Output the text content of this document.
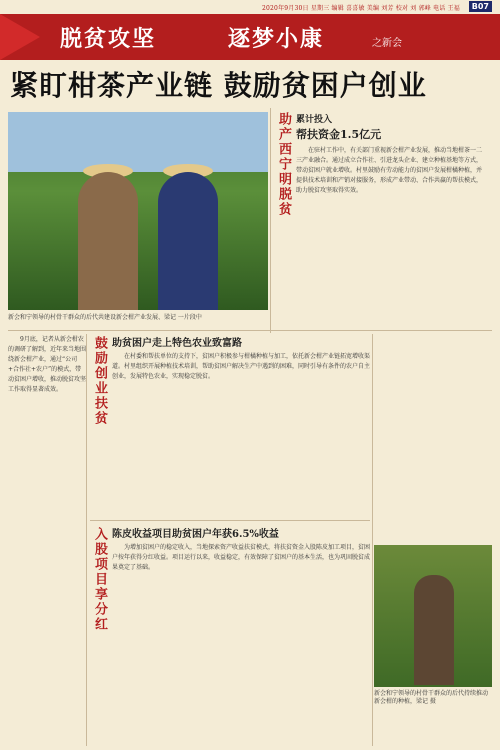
2020年9月30日 星期三 编辑 喜喜敏 美编 刘芳 校对 刘 郭峰 电话 王福	B07
脱贫攻坚	逐梦小康	之新会
紧盯柑茶产业链 鼓励贫困户创业
新会和宁领导的村骨干群众的后代共建设新会柑产业发展、梁记 一片段中
助产西宁明脱贫 累计投入
帮扶资金1.5亿元
在驻村工作中，有关部门重视新会柑产业发展，推动当地柑茶一二三产业融合。通过成立合作社、引进龙头企业、建立种植基地等方式，带动贫困户就业增收。村里鼓励有劳动能力的贫困户发展柑橘种植，并提供技术培训和产销对接服务，形成产业带动、合作共赢的帮扶模式，助力脱贫攻坚取得实效。
9月底，记者从新会柑农的调研了解到，近年来当地围绕新会柑产业，通过“公司+合作社+农户”的模式，带动贫困户增收，推动脱贫攻坚工作取得显著成效。	鼓励创业扶贫 助贫困户走上特色农业致富路
在村委和帮扶单位的支持下，贫困户积极参与柑橘种植与加工，依托新会柑产业链拓宽增收渠道。村里组织开展种植技术培训，帮助贫困户解决生产中遇到的困难，同时引导有条件的农户自主创业，发展特色农业，实现稳定脱贫。
入股项目享分红 陈皮收益项目助贫困户年获6.5%收益
为增加贫困户的稳定收入，当地探索资产收益扶贫模式，将扶贫资金入股陈皮加工项目，贫困户按年获得分红收益。项目运行以来，收益稳定，有效保障了贫困户的基本生活，也为巩固脱贫成果奠定了基础。
新会和宁领导的村骨干群众的后代持续推动新会柑的种植，梁记 摄
